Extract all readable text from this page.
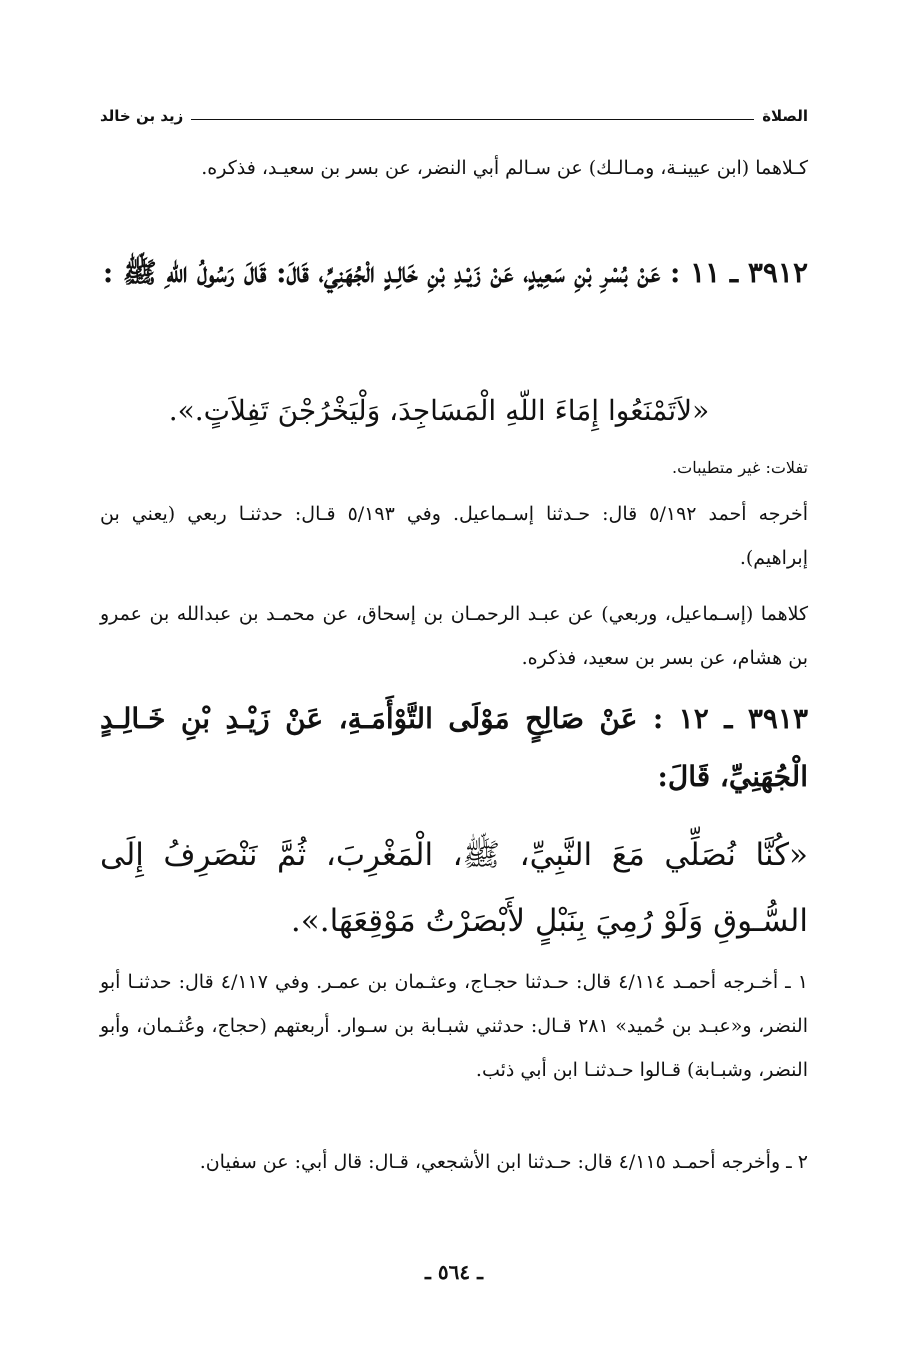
الصلاة
زيد بن خالد
كـلاهما (ابن عيينـة، ومـالـك) عن سـالم أبي النضر، عن بسر بن سعيـد، فذكره.
٣٩١٢ ـ ١١ : عَنْ بُسْرِ بْنِ سَعِيدٍ، عَنْ زَيْـدِ بْنِ خَالِـدٍ الْجُهَنِيِّ، قَالَ: قَالَ رَسُولُ اللّهِ ﷺ :
«لاَتَمْنَعُوا إِمَاءَ اللّهِ الْمَسَاجِدَ، وَلْيَخْرُجْنَ تَفِلاَتٍ.».
تفلات: غير متطيبات.
أخرجه أحمد ٥/١٩٢ قال: حـدثنا إسـماعيل. وفي ٥/١٩٣ قـال: حدثنـا ربعي (يعني بن إبراهيم).
كلاهما (إسـماعيل، وربعي) عن عبـد الرحمـان بن إسحاق، عن محمـد بن عبدالله بن عمرو بن هشام، عن بسر بن سعيد، فذكره.
٣٩١٣ ـ ١٢ : عَنْ صَالِحٍ مَوْلَى التَّوْأَمَـةِ، عَنْ زَيْـدِ بْنِ خَـالِـدٍ الْجُهَنِيِّ، قَالَ:
«كُنَّا نُصَلِّي مَعَ النَّبِيِّ، ﷺ، الْمَغْرِبَ، ثُمَّ نَنْصَرِفُ إِلَى السُّـوقِ وَلَوْ رُمِيَ بِنَبْلٍ لأَبْصَرْتُ مَوْقِعَهَا.».
١ ـ أخـرجه أحمـد ٤/١١٤ قال: حـدثنا حجـاج، وعثـمان بن عمـر. وفي ٤/١١٧ قال: حدثنـا أبو النضر، و«عبـد بن حُميد» ٢٨١ قـال: حدثني شبـابة بن سـوار. أربعتهم (حجاج، وعُثـمان، وأبو النضر، وشبـابة) قـالوا حـدثنـا ابن أبي ذئب.
٢ ـ وأخرجه أحمـد ٤/١١٥ قال: حـدثنا ابن الأشجعي، قـال: قال أبي: عن سفيان.
ـ ٥٦٤ ـ
